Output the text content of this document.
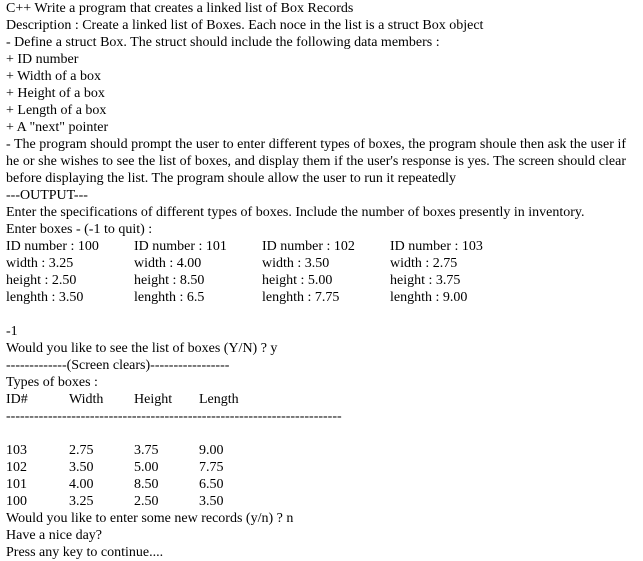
C++ Write a program that creates a linked list of Box Records
Description : Create a linked list of Boxes. Each noce in the list is a struct Box object
- Define a struct Box. The struct should include the following data members :
+ ID number
+ Width of a box
+ Height of a box
+ Length of a box
+ A "next" pointer
- The program should prompt the user to enter different types of boxes, the program shoule then ask the user if he or she wishes to see the list of boxes, and display them if the user's response is yes. The screen should clear before displaying the list. The program shoule allow the user to run it repeatedly
---OUTPUT---
Enter the specifications of different types of boxes. Include the number of boxes presently in inventory.
Enter boxes - (-1 to quit) :
ID number : 100
width : 3.25
height : 2.50
lenghth : 3.50
ID number : 101
width : 4.00
height : 8.50
lenghth : 6.5
ID number : 102
width : 3.50
height : 5.00
lenghth : 7.75
ID number : 103
width : 2.75
height : 3.75
lenghth : 9.00
-1
Would you like to see the list of boxes (Y/N) ? y
-------------(Screen clears)-----------------
Types of boxes :
ID#	Width Height Length
------------------------------------------------------------------------
103	2.75	3.75	9.00
102	3.50	5.00	7.75
101	4.00	8.50	6.50
100	3.25	2.50	3.50
Would you like to enter some new records (y/n) ? n
Have a nice day?
Press any key to continue....
